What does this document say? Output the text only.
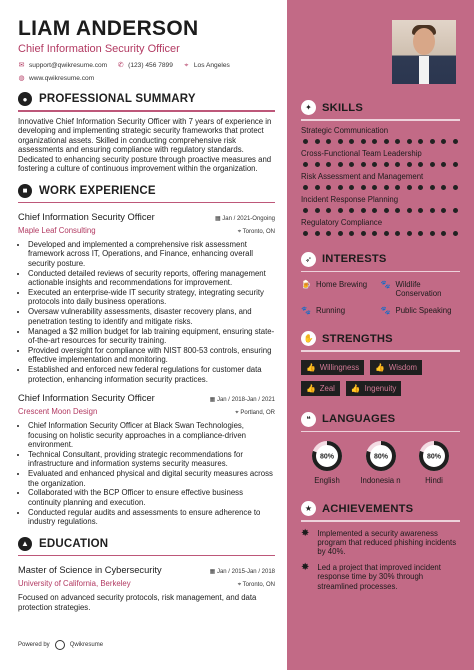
LIAM ANDERSON
Chief Information Security Officer
✉ support@qwikresume.com ✆ (123) 456 7899 ⌖ Los Angeles
◍ www.qwikresume.com
●	PROFESSIONAL SUMMARY

Innovative Chief Information Security Officer with 7 years of experience in developing and implementing strategic security frameworks that protect organizational assets. Skilled in conducting comprehensive risk assessments and ensuring compliance with regulatory standards. Dedicated to enhancing security posture through proactive measures and fostering a culture of continuous improvement within the organization.

■	WORK EXPERIENCE
Chief Information Security Officer	▦ Jan / 2021-Ongoing
Maple Leaf Consulting	⌖ Toronto, ON
• Developed and implemented a comprehensive risk assessment framework across IT, Operations, and Finance, enhancing overall security posture.
• Conducted detailed reviews of security reports, offering management actionable insights and recommendations for improvement.
• Executed an enterprise-wide IT security strategy, integrating security protocols into daily business operations.
• Oversaw vulnerability assessments, disaster recovery plans, and penetration testing to identify and mitigate risks.
• Managed a $2 million budget for lab training equipment, ensuring state-of-the-art resources for security training.
• Provided oversight for compliance with NIST 800-53 controls, ensuring effective implementation and monitoring.
• Established and enforced new federal regulations for customer data protection, enhancing information security practices.
Chief Information Security Officer	▦ Jan / 2018-Jan / 2021
Crescent Moon Design	⌖ Portland, OR
• Chief Information Security Officer at Black Swan Technologies, focusing on holistic security approaches in a compliance-driven environment.
• Technical Consultant, providing strategic recommendations for infrastructure and information systems security measures.
• Evaluated and enhanced physical and digital security measures across the organization.
• Collaborated with the BCP Officer to ensure effective business continuity planning and execution.
• Conducted regular audits and assessments to ensure adherence to industry regulations.
▲ EDUCATION
Master of Science in Cybersecurity	▦ Jan / 2015-Jan / 2018
University of California, Berkeley	⌖ Toronto, ON

Focused on advanced security protocols, risk management, and data protection strategies.

Powered by	Qwikresume
✦ SKILLS
Strategic Communication
Cross-Functional Team Leadership
Risk Assessment and Management
Incident Response Planning
Regulatory Compliance
➶ INTERESTS
🍺 Home Brewing 🐾 Wildlife Conservation
🐾 Running	🐾 Public Speaking
✋ STRENGTHS
👍 Willingness 👍 Wisdom
👍 Zeal 👍 Ingenuity
❝	LANGUAGES
80%
English
80%
Indonesia n
80%
Hindi
★ ACHIEVEMENTS
✸ Implemented a security awareness program that reduced phishing incidents by 40%.
✸ Led a project that improved incident response time by 30% through streamlined processes.
